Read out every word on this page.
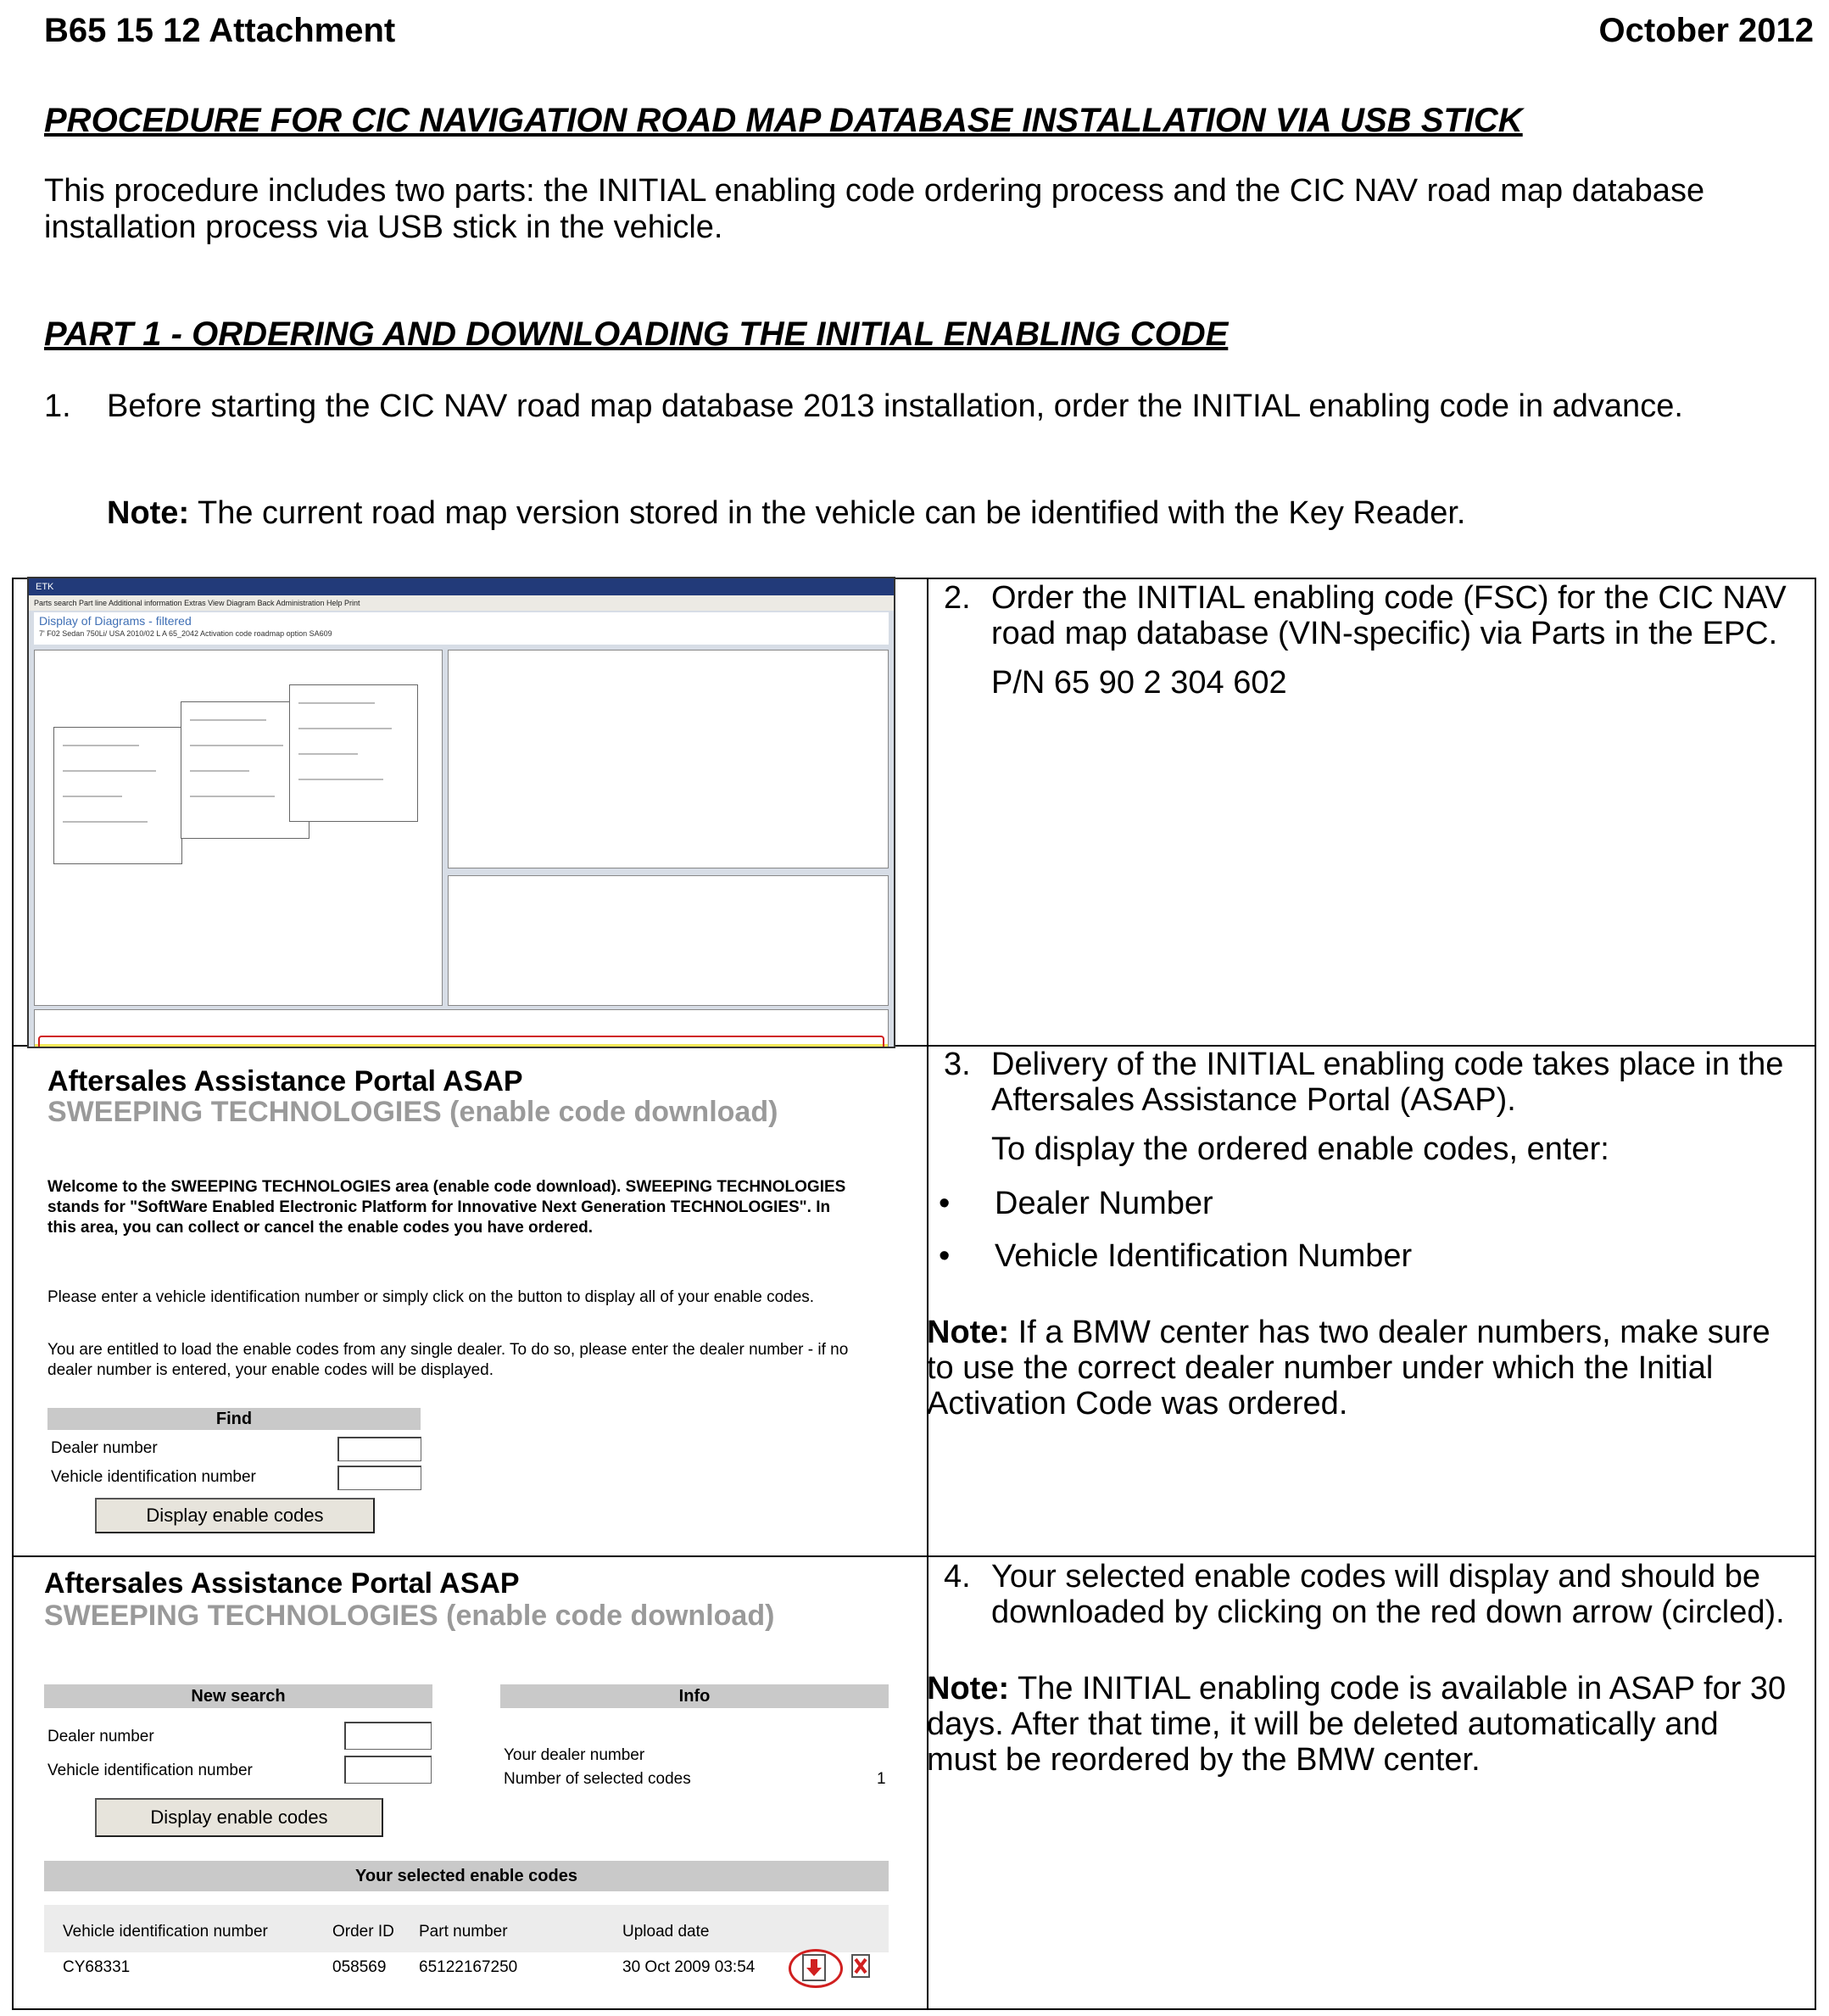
B65 15 12 Attachment	October 2012
PROCEDURE FOR CIC NAVIGATION ROAD MAP DATABASE INSTALLATION VIA USB STICK
This procedure includes two parts: the INITIAL enabling code ordering process and the CIC NAV road map database installation process via USB stick in the vehicle.
PART 1 - ORDERING AND DOWNLOADING THE INITIAL ENABLING CODE
1. Before starting the CIC NAV road map database 2013 installation, order the INITIAL enabling code in advance.
Note: The current road map version stored in the vehicle can be identified with the Key Reader.
ETK
Parts search Part line Additional information Extras View Diagram Back Administration Help Print
Display of Diagrams - filtered
7' F02 Sedan 750Li/ USA 2010/02 L A 65_2042 Activation code roadmap option SA609
2. Order the INITIAL enabling code (FSC) for the CIC NAV road map database (VIN-specific) via Parts in the EPC.
P/N 65 90 2 304 602
Aftersales Assistance Portal ASAP
SWEEPING TECHNOLOGIES (enable code download)
Welcome to the SWEEPING TECHNOLOGIES area (enable code download). SWEEPING TECHNOLOGIES stands for "SoftWare Enabled Electronic Platform for Innovative Next Generation TECHNOLOGIES". In this area, you can collect or cancel the enable codes you have ordered.
Please enter a vehicle identification number or simply click on the button to display all of your enable codes.
You are entitled to load the enable codes from any single dealer. To do so, please enter the dealer number - if no dealer number is entered, your enable codes will be displayed.
Find
Dealer number
Vehicle identification number
Display enable codes
3. Delivery of the INITIAL enabling code takes place in the Aftersales Assistance Portal (ASAP).
To display the ordered enable codes, enter:
• Dealer Number
• Vehicle Identification Number
Note: If a BMW center has two dealer numbers, make sure to use the correct dealer number under which the Initial Activation Code was ordered.
Aftersales Assistance Portal ASAP
SWEEPING TECHNOLOGIES (enable code download)
New search	Info
Dealer number
Vehicle identification number
Your dealer number
Number of selected codes	1
Display enable codes
Your selected enable codes
Vehicle identification number	Order ID Part number	Upload date
CY68331	058569 65122167250	30 Oct 2009 03:54
4. Your selected enable codes will display and should be downloaded by clicking on the red down arrow (circled).
Note: The INITIAL enabling code is available in ASAP for 30 days. After that time, it will be deleted automatically and must be reordered by the BMW center.
